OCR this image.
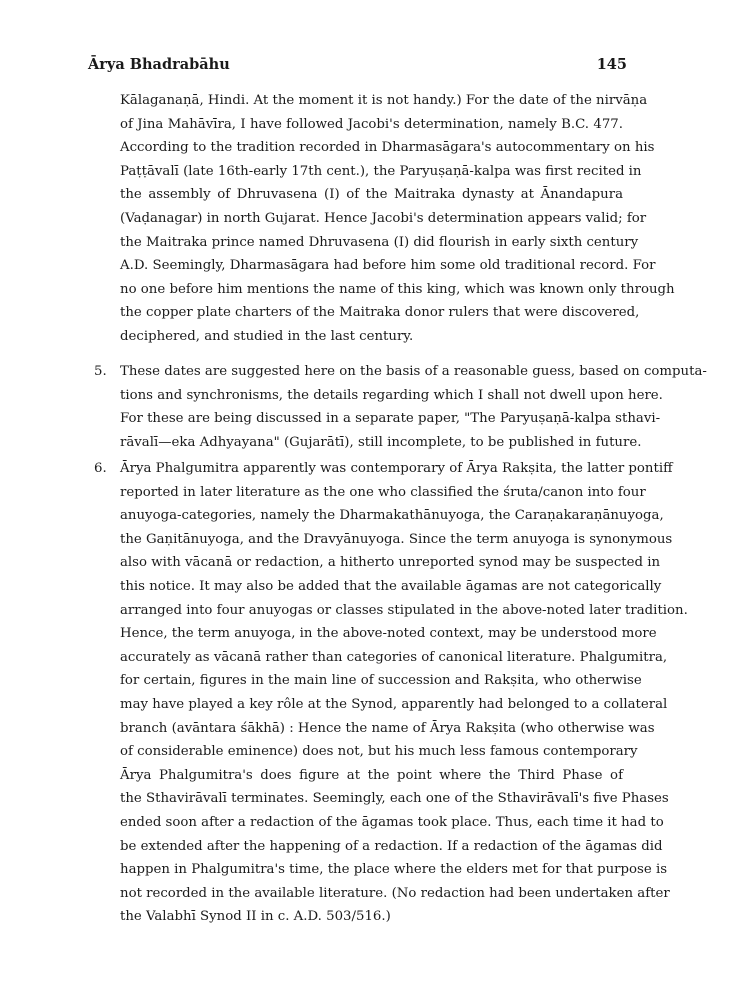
Ārya Bhadrabāhu	145
5.
6.
Kālaganaṇā, Hindi. At the moment it is not handy.) For the date of the nirvāṇa
of Jina Mahāvīra, I have followed Jacobi's determination, namely B.C. 477.
According to the tradition recorded in Dharmasāgara's autocommentary on his
Paṭṭāvalī (late 16th-early 17th cent.), the Paryuṣaṇā-kalpa was first recited in
the assembly of Dhruvasena (I) of the Maitraka dynasty at Ānandapura
(Vaḍanagar) in north Gujarat. Hence Jacobi's determination appears valid; for
the Maitraka prince named Dhruvasena (I) did flourish in early sixth century
A.D. Seemingly, Dharmasāgara had before him some old traditional record. For
no one before him mentions the name of this king, which was known only through
the copper plate charters of the Maitraka donor rulers that were discovered,
deciphered, and studied in the last century.
These dates are suggested here on the basis of a reasonable guess, based on computa-
tions and synchronisms, the details regarding which I shall not dwell upon here.
For these are being discussed in a separate paper, "The Paryuṣaṇā-kalpa sthavi-
rāvalī—eka Adhyayana" (Gujarātī), still incomplete, to be published in future.
Ārya Phalgumitra apparently was contemporary of Ārya Rakṣita, the latter pontiff
reported in later literature as the one who classified the śruta/canon into four
anuyoga-categories, namely the Dharmakathānuyoga, the Caraṇakaraṇānuyoga,
the Gaṇitānuyoga, and the Dravyānuyoga. Since the term anuyoga is synonymous
also with vācanā or redaction, a hitherto unreported synod may be suspected in
this notice. It may also be added that the available āgamas are not categorically
arranged into four anuyogas or classes stipulated in the above-noted later tradition.
Hence, the term anuyoga, in the above-noted context, may be understood more
accurately as vācanā rather than categories of canonical literature. Phalgumitra,
for certain, figures in the main line of succession and Rakṣita, who otherwise
may have played a key rôle at the Synod, apparently had belonged to a collateral
branch (avāntara śākhā) : Hence the name of Ārya Rakṣita (who otherwise was
of considerable eminence) does not, but his much less famous contemporary
Ārya Phalgumitra's does figure at the point where the Third Phase of
the Sthavirāvalī terminates. Seemingly, each one of the Sthavirāvalī's five Phases
ended soon after a redaction of the āgamas took place. Thus, each time it had to
be extended after the happening of a redaction. If a redaction of the āgamas did
happen in Phalgumitra's time, the place where the elders met for that purpose is
not recorded in the available literature. (No redaction had been undertaken after
the Valabhī Synod II in c. A.D. 503/516.)
